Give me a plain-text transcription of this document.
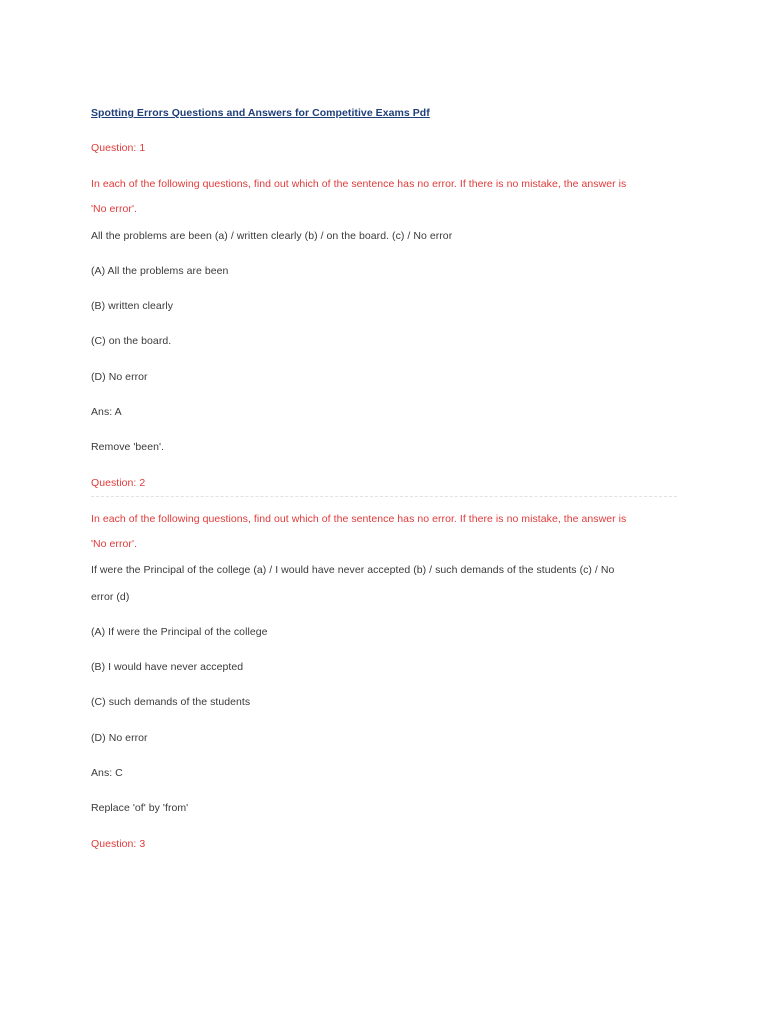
Spotting Errors Questions and Answers for Competitive Exams Pdf
Question: 1
In each of the following questions, find out which of the sentence has no error. If there is no mistake, the answer is
'No error'.
All the problems are been (a) / written clearly (b) / on the board. (c) / No error
(A) All the problems are been
(B) written clearly
(C) on the board.
(D) No error
Ans: A
Remove 'been'.
Question: 2
In each of the following questions, find out which of the sentence has no error. If there is no mistake, the answer is
'No error'.
If were the Principal of the college (a) / I would have never accepted (b) / such demands of the students (c) / No
error (d)
(A) If were the Principal of the college
(B) I would have never accepted
(C) such demands of the students
(D) No error
Ans: C
Replace 'of' by 'from'
Question: 3
